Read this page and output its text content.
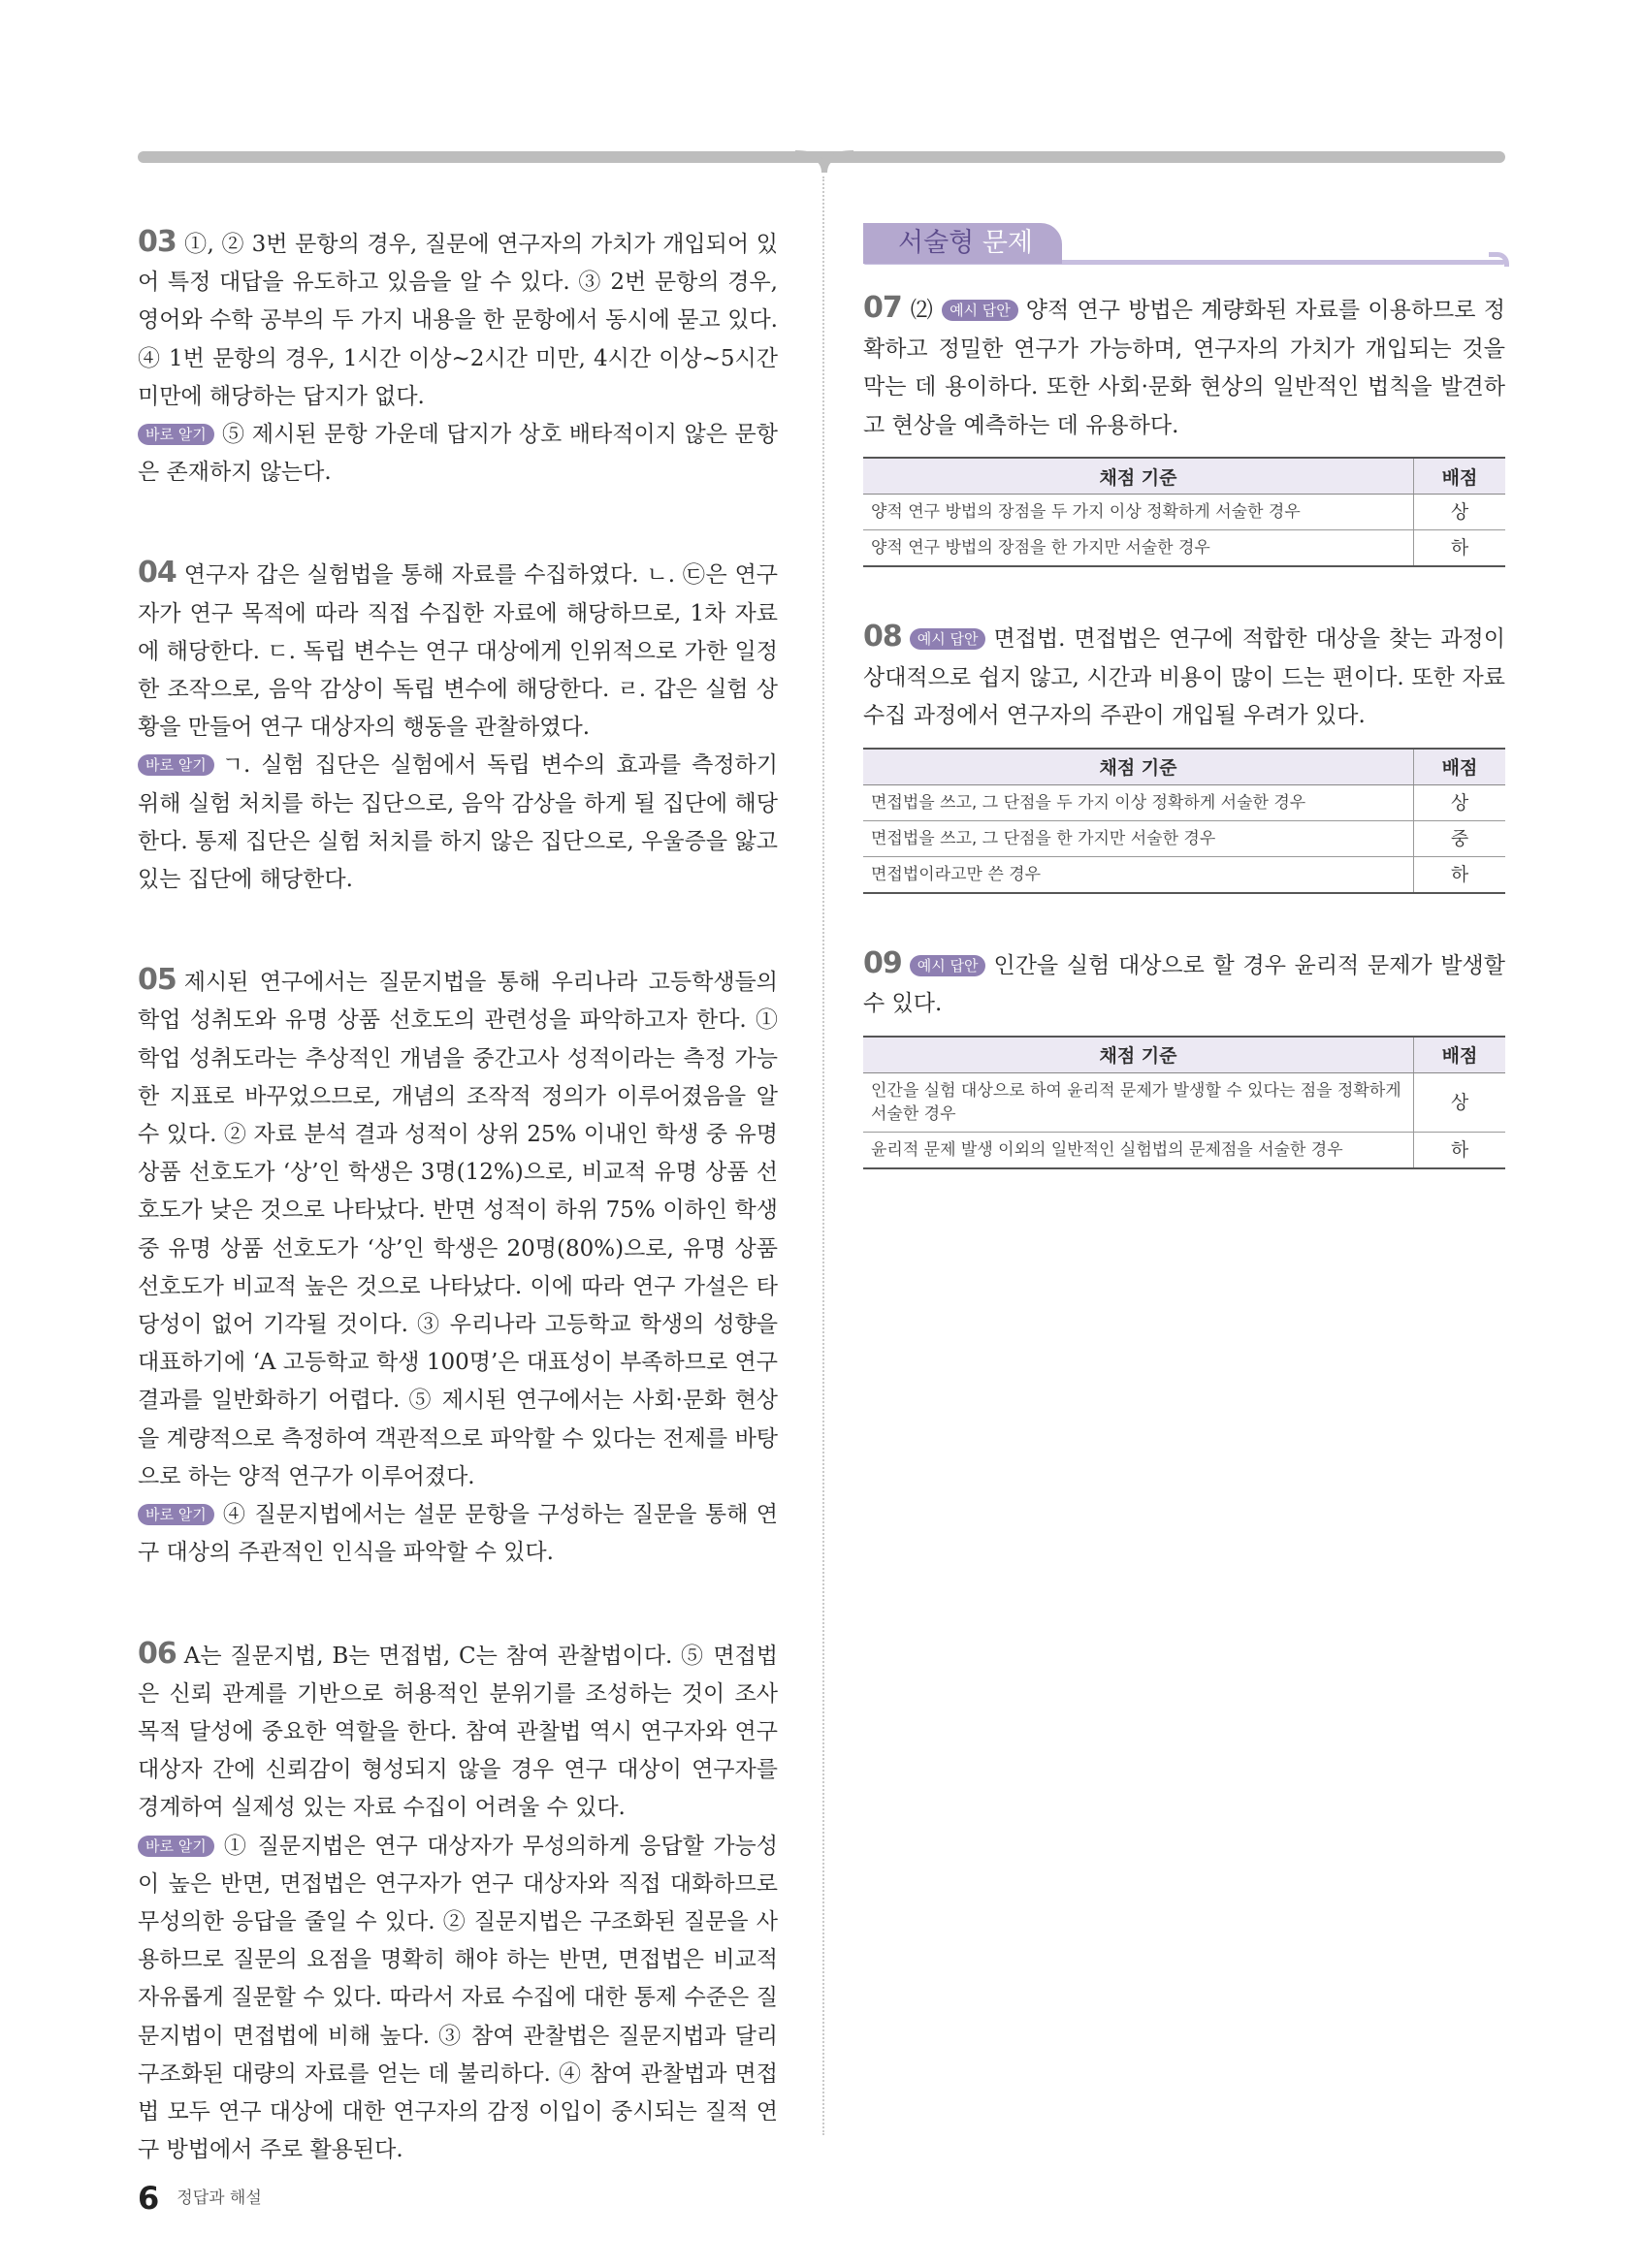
03 ①, ② 3번 문항의 경우, 질문에 연구자의 가치가 개입되어 있어 특정 대답을 유도하고 있음을 알 수 있다. ③ 2번 문항의 경우, 영어와 수학 공부의 두 가지 내용을 한 문항에서 동시에 묻고 있다. ④ 1번 문항의 경우, 1시간 이상~2시간 미만, 4시간 이상~5시간 미만에 해당하는 답지가 없다.

바로 알기 ⑤ 제시된 문항 가운데 답지가 상호 배타적이지 않은 문항은 존재하지 않는다.

04 연구자 갑은 실험법을 통해 자료를 수집하였다. ㄴ. ㉢은 연구자가 연구 목적에 따라 직접 수집한 자료에 해당하므로, 1차 자료에 해당한다. ㄷ. 독립 변수는 연구 대상에게 인위적으로 가한 일정한 조작으로, 음악 감상이 독립 변수에 해당한다. ㄹ. 갑은 실험 상황을 만들어 연구 대상자의 행동을 관찰하였다.

바로 알기 ㄱ. 실험 집단은 실험에서 독립 변수의 효과를 측정하기 위해 실험 처치를 하는 집단으로, 음악 감상을 하게 될 집단에 해당한다. 통제 집단은 실험 처치를 하지 않은 집단으로, 우울증을 앓고 있는 집단에 해당한다.

05 제시된 연구에서는 질문지법을 통해 우리나라 고등학생들의 학업 성취도와 유명 상품 선호도의 관련성을 파악하고자 한다. ① 학업 성취도라는 추상적인 개념을 중간고사 성적이라는 측정 가능한 지표로 바꾸었으므로, 개념의 조작적 정의가 이루어졌음을 알 수 있다. ② 자료 분석 결과 성적이 상위 25% 이내인 학생 중 유명 상품 선호도가 ‘상’인 학생은 3명(12%)으로, 비교적 유명 상품 선호도가 낮은 것으로 나타났다. 반면 성적이 하위 75% 이하인 학생 중 유명 상품 선호도가 ‘상’인 학생은 20명(80%)으로, 유명 상품 선호도가 비교적 높은 것으로 나타났다. 이에 따라 연구 가설은 타당성이 없어 기각될 것이다. ③ 우리나라 고등학교 학생의 성향을 대표하기에 ‘A 고등학교 학생 100명’은 대표성이 부족하므로 연구 결과를 일반화하기 어렵다. ⑤ 제시된 연구에서는 사회·문화 현상을 계량적으로 측정하여 객관적으로 파악할 수 있다는 전제를 바탕으로 하는 양적 연구가 이루어졌다.

바로 알기 ④ 질문지법에서는 설문 문항을 구성하는 질문을 통해 연구 대상의 주관적인 인식을 파악할 수 있다.

06 A는 질문지법, B는 면접법, C는 참여 관찰법이다. ⑤ 면접법은 신뢰 관계를 기반으로 허용적인 분위기를 조성하는 것이 조사 목적 달성에 중요한 역할을 한다. 참여 관찰법 역시 연구자와 연구 대상자 간에 신뢰감이 형성되지 않을 경우 연구 대상이 연구자를 경계하여 실제성 있는 자료 수집이 어려울 수 있다.

바로 알기 ① 질문지법은 연구 대상자가 무성의하게 응답할 가능성이 높은 반면, 면접법은 연구자가 연구 대상자와 직접 대화하므로 무성의한 응답을 줄일 수 있다. ② 질문지법은 구조화된 질문을 사용하므로 질문의 요점을 명확히 해야 하는 반면, 면접법은 비교적 자유롭게 질문할 수 있다. 따라서 자료 수집에 대한 통제 수준은 질문지법이 면접법에 비해 높다. ③ 참여 관찰법은 질문지법과 달리 구조화된 대량의 자료를 얻는 데 불리하다. ④ 참여 관찰법과 면접법 모두 연구 대상에 대한 연구자의 감정 이입이 중시되는 질적 연구 방법에서 주로 활용된다.

서술형 문제

07 ⑵ 예시 답안 양적 연구 방법은 계량화된 자료를 이용하므로 정확하고 정밀한 연구가 가능하며, 연구자의 가치가 개입되는 것을 막는 데 용이하다. 또한 사회·문화 현상의 일반적인 법칙을 발견하고 현상을 예측하는 데 유용하다.

채점 기준	배점
양적 연구 방법의 장점을 두 가지 이상 정확하게 서술한 경우	상
양적 연구 방법의 장점을 한 가지만 서술한 경우	하

08 예시 답안 면접법. 면접법은 연구에 적합한 대상을 찾는 과정이 상대적으로 쉽지 않고, 시간과 비용이 많이 드는 편이다. 또한 자료 수집 과정에서 연구자의 주관이 개입될 우려가 있다.

채점 기준	배점
면접법을 쓰고, 그 단점을 두 가지 이상 정확하게 서술한 경우	상
면접법을 쓰고, 그 단점을 한 가지만 서술한 경우	중
면접법이라고만 쓴 경우	하

09 예시 답안 인간을 실험 대상으로 할 경우 윤리적 문제가 발생할 수 있다.

채점 기준	배점
인간을 실험 대상으로 하여 윤리적 문제가 발생할 수 있다는 점을 정확하게 서술한 경우	상
윤리적 문제 발생 이외의 일반적인 실험법의 문제점을 서술한 경우	하
6 정답과 해설
